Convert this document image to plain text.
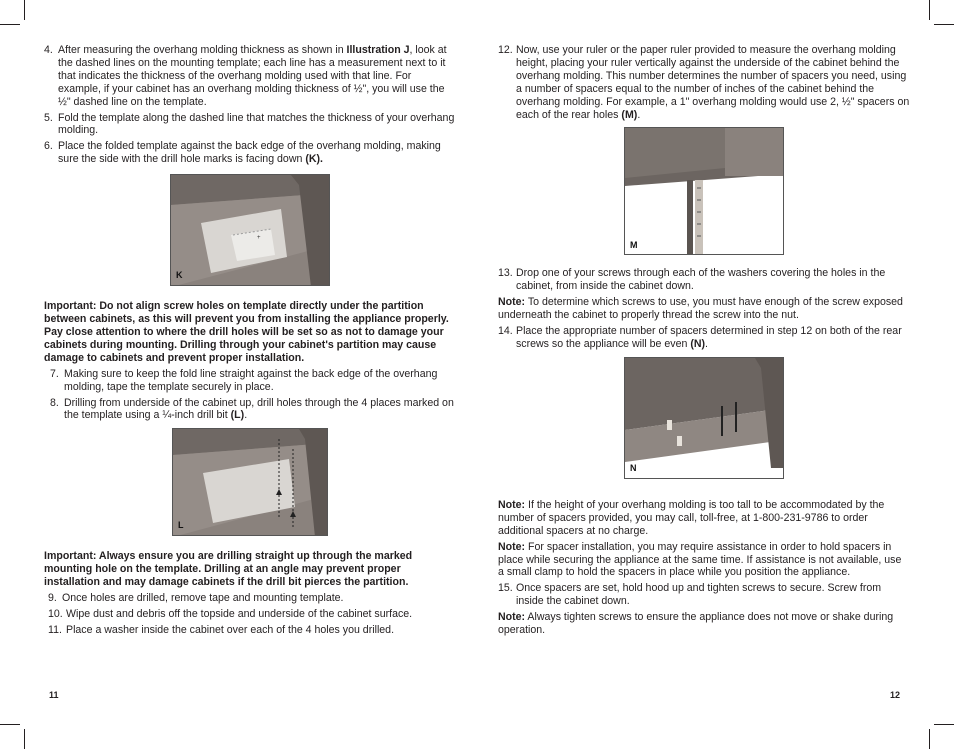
4. After measuring the overhang molding thickness as shown in Illustration J, look at the dashed lines on the mounting template; each line has a measurement next to it that indicates the thickness of the overhang molding used with that line. For example, if your cabinet has an overhang molding thickness of ½", you will use the ½" dashed line on the template.
5. Fold the template along the dashed line that matches the thickness of your overhang molding.
6. Place the folded template against the back edge of the overhang molding, making sure the side with the drill hole marks is facing down (K).
+
K

Important: Do not align screw holes on template directly under the partition between cabinets, as this will prevent you from installing the appliance properly. Pay close attention to where the drill holes will be set so as not to damage your cabinets during mounting. Drilling through your cabinet's partition may cause damage to cabinets and prevent proper installation.

7. Making sure to keep the fold line straight against the back edge of the overhang molding, tape the template securely in place.
8. Drilling from underside of the cabinet up, drill holes through the 4 places marked on the template using a ¼-inch drill bit (L).
L

Important: Always ensure you are drilling straight up through the marked mounting hole on the template. Drilling at an angle may prevent proper installation and may damage cabinets if the drill bit pierces the partition.

9. Once holes are drilled, remove tape and mounting template.
10. Wipe dust and debris off the topside and underside of the cabinet surface.
11. Place a washer inside the cabinet over each of the 4 holes you drilled.
11
12. Now, use your ruler or the paper ruler provided to measure the overhang molding height, placing your ruler vertically against the underside of the cabinet behind the overhang molding. This number determines the number of spacers you need, using a number of spacers equal to the number of inches of the cabinet behind the overhang molding. For example, a 1" overhang molding would use 2, ½" spacers on each of the rear holes (M).
M
13. Drop one of your screws through each of the washers covering the holes in the cabinet, from inside the cabinet down.

Note: To determine which screws to use, you must have enough of the screw exposed underneath the cabinet to properly thread the screw into the nut.

14. Place the appropriate number of spacers determined in step 12 on both of the rear screws so the appliance will be even (N).
N

Note: If the height of your overhang molding is too tall to be accommodated by the number of spacers provided, you may call, toll-free, at 1-800-231-9786 to order additional spacers at no charge.

Note: For spacer installation, you may require assistance in order to hold spacers in place while securing the appliance at the same time. If assistance is not available, use a small clamp to hold the spacers in place while you position the appliance.

15. Once spacers are set, hold hood up and tighten screws to secure. Screw from inside the cabinet down.

Note: Always tighten screws to ensure the appliance does not move or shake during operation.

12
